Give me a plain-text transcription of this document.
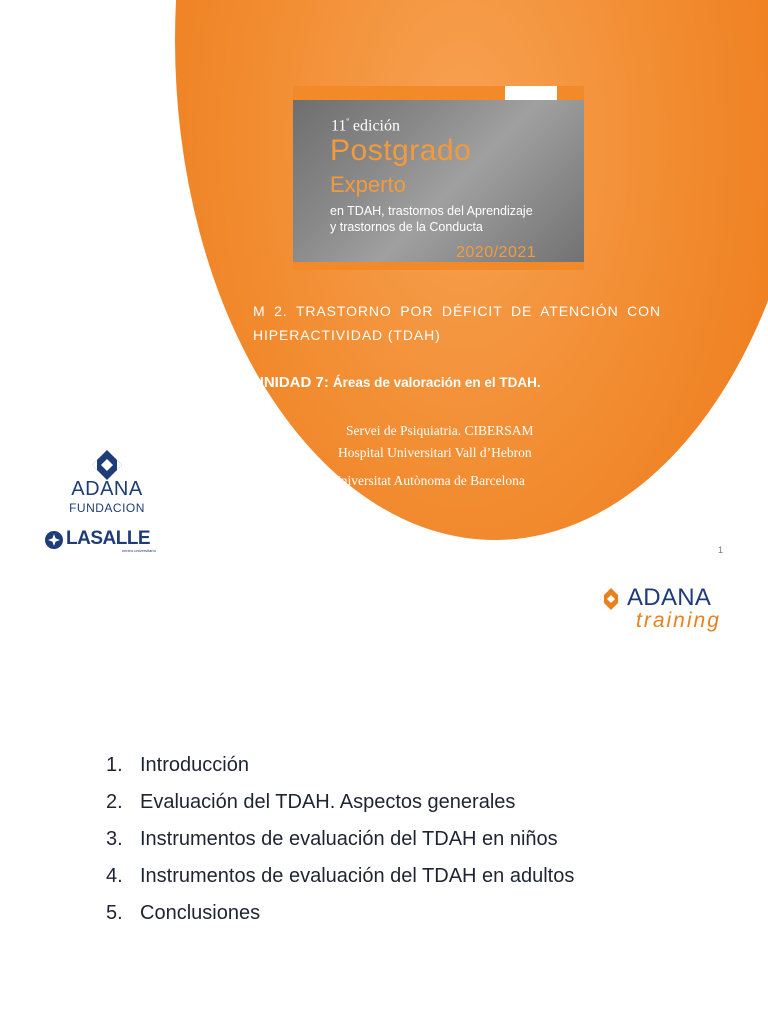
$11^ª$ edición
Postgrado
Experto
en TDAH, trastornos del Aprendizaje
y trastornos de la Conducta
2020/2021
M 2. TRASTORNO POR DÉFICIT DE ATENCIÓN CON HIPERACTIVIDAD (TDAH)
UNIDAD 7: Áreas de valoración en el TDAH.
Servei de Psiquiatria. CIBERSAM
Hospital Universitari Vall d’Hebron
Universitat Autònoma de Barcelona
ADANA
FUNDACION
LASALLE
centro universitario	1
ADANA
training
1. Introducción
2. Evaluación del TDAH. Aspectos generales
3. Instrumentos de evaluación del TDAH en niños
4. Instrumentos de evaluación del TDAH en adultos
5. Conclusiones
